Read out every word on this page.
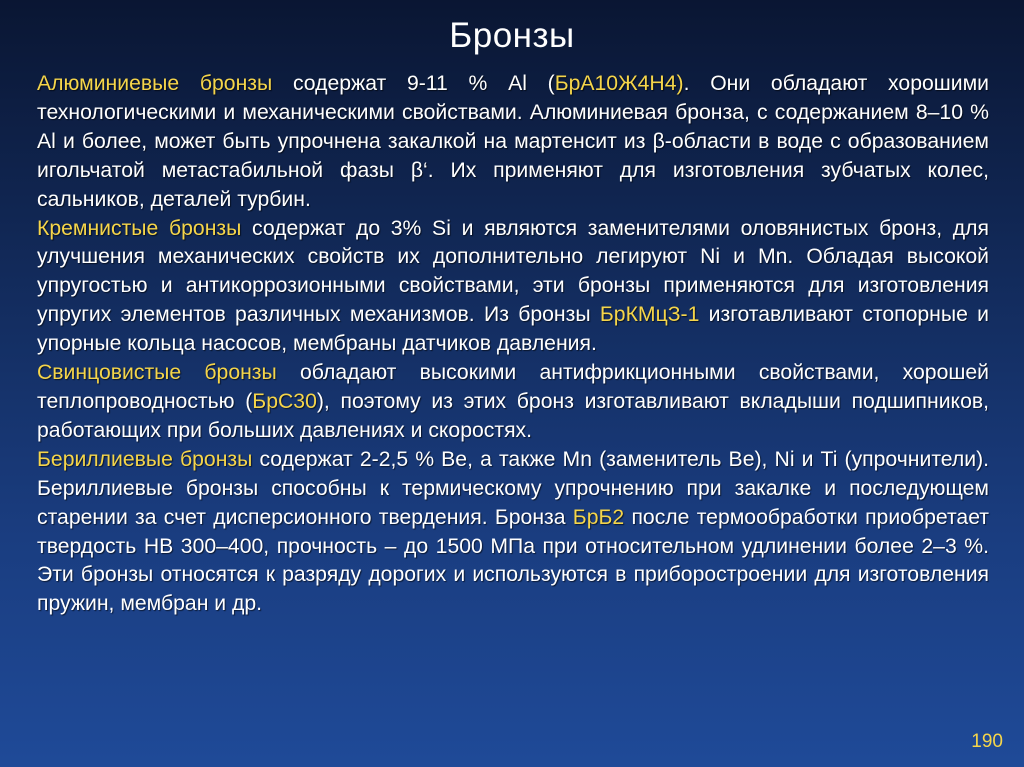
Бронзы

Алюминиевые бронзы содержат 9-11 % Al (БрА10Ж4Н4). Они обладают хорошими технологическими и механическими свойствами. Алюминиевая бронза, с содержанием 8–10 % Al и более, может быть упрочнена закалкой на мартенсит из β-области в воде с образованием игольчатой метастабильной фазы β‘. Их применяют для изготовления зубчатых колес, сальников, деталей турбин.

Кремнистые бронзы содержат до 3% Si и являются заменителями оловянистых бронз, для улучшения механических свойств их дополнительно легируют Ni и Mn. Обладая высокой упругостью и антикоррозионными свойствами, эти бронзы применяются для изготовления упругих элементов различных механизмов. Из бронзы БрКМцЗ-1 изготавливают стопорные и упорные кольца насосов, мембраны датчиков давления.

Свинцовистые бронзы обладают высокими антифрикционными свойствами, хорошей теплопроводностью (БрС30), поэтому из этих бронз изготавливают вкладыши подшипников, работающих при больших давлениях и скоростях.

Бериллиевые бронзы содержат 2-2,5 % Be, а также Mn (заменитель Be), Ni и Ti (упрочнители). Бериллиевые бронзы способны к термическому упрочнению при закалке и последующем старении за счет дисперсионного твердения. Бронза БрБ2 после термообработки приобретает твердость НВ 300–400, прочность – до 1500 МПа при относительном удлинении более 2–3 %. Эти бронзы относятся к разряду дорогих и используются в приборостроении для изготовления пружин, мембран и др.

190
